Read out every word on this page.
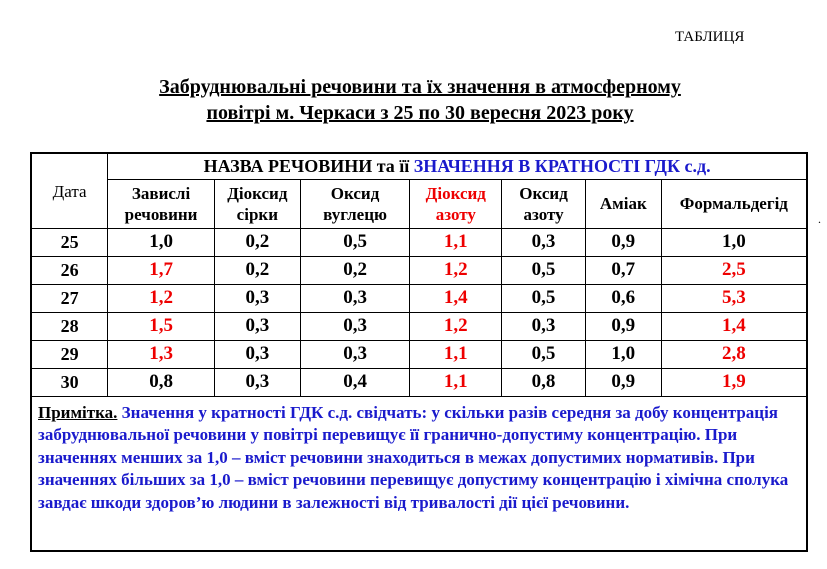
ТАБЛИЦЯ
Забруднювальні речовини та їх значення в атмосферному
повітрі м. Черкаси з 25 по 30 вересня 2023 року
Дата	НАЗВА РЕЧОВИНИ та її ЗНАЧЕННЯ В КРАТНОСТІ ГДК с.д.						
	Завислі речовини	Діоксид сірки	Оксид вуглецю	Діоксид азоту	Оксид азоту	Аміак	Формальдегід
25	1,0	0,2	0,5	1,1	0,3	0,9	1,0
26	1,7	0,2	0,2	1,2	0,5	0,7	2,5
27	1,2	0,3	0,3	1,4	0,5	0,6	5,3
28	1,5	0,3	0,3	1,2	0,3	0,9	1,4
29	1,3	0,3	0,3	1,1	0,5	1,0	2,8
30	0,8	0,3	0,4	1,1	0,8	0,9	1,9
Примітка. Значення у кратності ГДК с.д. свідчать: у скільки разів середня за добу концентрація забруднювальної речовини у повітрі перевищує її гранично-допустиму концентрацію. При значеннях менших за 1,0 – вміст речовини знаходиться в межах допустимих нормативів. При значеннях більших за 1,0 – вміст речовини перевищує допустиму концентрацію і хімічна сполука завдає шкоди здоров’ю людини в залежності від тривалості дії цієї речовини.							
.
